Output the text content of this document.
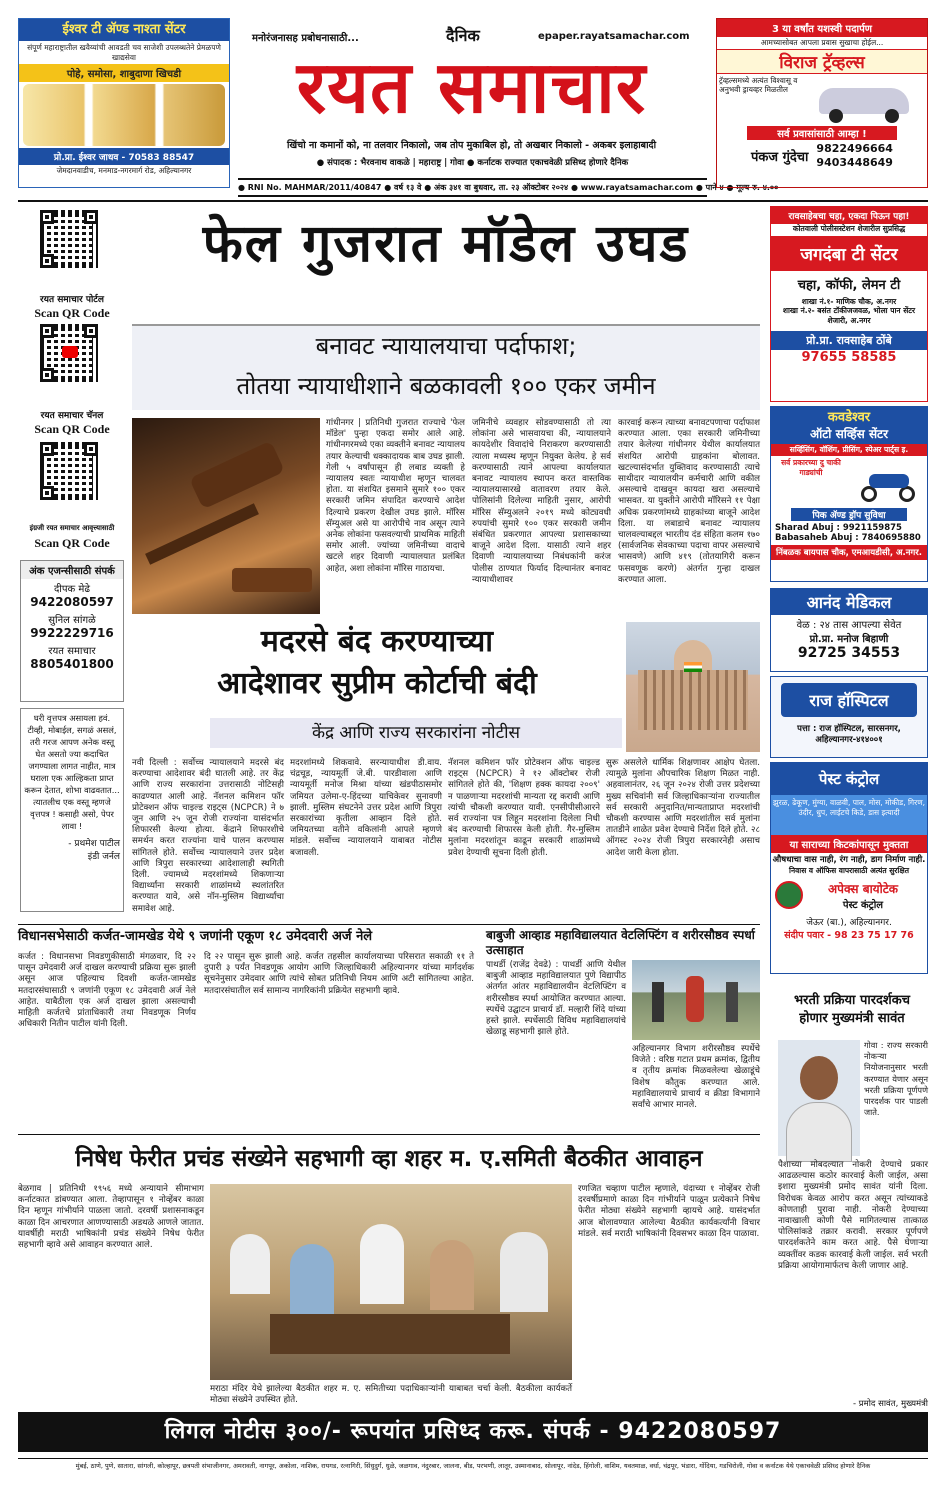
ईश्वर टी ॲण्ड नाश्ता सेंटर
संपूर्ण महाराष्ट्रातील खवैय्यांची आवडती चव साजेशी उपलब्धतेने प्रेमळपणे खाद्यसेवा
पोहे, समोसा, शाबुदाणा खिचडी
प्रो.प्रा. ईश्वर जाधव - 70583 88547
जेमदानवाडीच, मनमाड-नगरमार्ग रोड, अहिल्यानगर
मनोरंजनासह प्रबोधनासाठी...	दैनिक	epaper.rayatsamachar.com
रयत समाचार
खिंचो ना कमानों को, ना तलवार निकालो, जब तोप मुकाबिल हो, तो अखबार निकालो - अकबर इलाहाबादी
● संपादक : भैरवनाथ वाकळे | महाराष्ट्र | गोवा ● कर्नाटक राज्यात एकाचवेळी प्रसिध्द होणारे दैनिक
● RNI No. MAHMAR/2011/40847 ● वर्ष १३ वे ● अंक ३४१ वा बुधवार, ता. २३ ऑक्टोबर २०२४ ● www.rayatsamachar.com ● पाने ४ ● मूल्य रु. ४.००
3 या वर्षांत यशस्वी पदार्पण
आमच्यासोबत आपला प्रवास सुखाचा होईल...
विराज ट्रॅव्हल्स
ट्रॅव्हल्समध्ये अत्यंत विश्वासू व अनुभवी ड्रायव्हर मिळतील
सर्व प्रवासांसाठी आम्हा !
पंकज गुंदेचा
9822496664
9403448649
रयत समाचार पोर्टल
Scan QR Code
रयत समाचार चॅनल
Scan QR Code
इंग्रजी रयत समाचार आवृत्त्यासाठी
Scan QR Code
अंक एजन्सीसाठी संपर्क
दीपक मेढे
9422080597
सुनिल सांगळे
9922229716
रयत समाचार
8805401800
घरी वृत्तपत्र असायला हवं. टीव्ही, मोबाईल, सगळं असलं, तरी गरज आपण अनेक वस्तू घेत असतो ज्या कदाचित जगण्याला लागत नाहीत, मात्र घराला एक आल्हिकता प्राप्त करून देतात, शोभा वाढवतात... त्यातलीच एक वस्तू म्हणजे वृत्तपत्र ! कसाही असो, पेपर लावा !
- प्रथमेश पाटील
इंडी जर्नल
फेल गुजरात मॉडेल उघड
बनावट न्यायालयाचा पर्दाफाश;
तोतया न्यायाधीशाने बळकावली १०० एकर जमीन
गांधीनगर | प्रतिनिधी गुजरात राज्याचे 'फेल मॉडेल' पुन्हा एकदा समोर आले आहे. गांधीनगरमध्ये एका व्यक्तीने बनावट न्यायालय तयार केल्याची धक्कादायक बाब उघड झाली. गेली ५ वर्षांपासून ही लबाड व्यक्ती हे न्यायालय स्वतः न्यायाधीश म्हणून चालवत होता. या संशयित इसमाने सुमारे १०० एकर सरकारी जमिन संपादित करण्याचे आदेश दिल्याचे प्रकरण देखील उघड झाले. मॉरिस सॅम्युअल असे या आरोपीचे नाव असून त्याने अनेक लोकांना फसवल्याची प्राथमिक माहिती समोर आली. ज्यांच्या जमिनीच्या वादाचे खटले शहर दिवाणी न्यायालयात प्रलंबित आहेत, अशा लोकांना मॉरिस गाठायचा.
जमिनीचे व्यवहार सोडवण्यासाठी तो त्या लोकांना असे भासवायचा की, न्यायालयाने कायदेशीर विवादांचे निराकरण करण्यासाठी त्याला मध्यस्थ म्हणून नियुक्त केलेय. हे सर्व करण्यासाठी त्याने आपल्या कार्यालयात बनावट न्यायालय स्थापन करत वास्तविक न्यायालयासारखे वातावरण तयार केले. पोलिसांनी दिलेल्या माहिती नुसार, आरोपी मॉरिस सॅम्युअलने २०१९ मध्ये कोट्यवधी रुपयांची सुमारे १०० एकर सरकारी जमीन संबंधित प्रकरणात आपल्या प्रशासकाच्या बाजूने आदेश दिला. यासाठी त्याने शहर दिवाणी न्यायालयाच्या निबंधकांनी करंज पोलीस ठाण्यात फिर्याद दिल्यानंतर बनावट न्यायाधीशावर
कारवाई करून त्याच्या बनावटपणाचा पर्दाफाश करण्यात आला. एका सरकारी जमिनीच्या तयार केलेल्या गांधीनगर येथील कार्यालयात संशयित आरोपी ग्राहकांना बोलावत. खटल्यासंदर्भात युक्तिवाद करण्यासाठी त्याचे साथीदार न्यायालयीन कर्मचारी आणि वकील असल्याचे दाखवून कायदा खरा असल्याचे भासवत. या युक्तीने आरोपी मॉरिसने ११ पेक्षा अधिक प्रकरणांमध्ये ग्राहकांच्या बाजूने आदेश दिला. या लबाडाचे बनावट न्यायालय चालवल्याबद्दल भारतीय दंड संहिता कलम १७० (सार्वजनिक सेवकाच्या पदाचा वापर असल्याचे भासवणे) आणि ४१९ (तोतयागिरी करून फसवणूक करणे) अंतर्गत गुन्हा दाखल करण्यात आला.
मदरसे बंद करण्याच्या
आदेशावर सुप्रीम कोर्टाची बंदी
केंद्र आणि राज्य सरकारांना नोटीस
नवी दिल्ली : सर्वोच्च न्यायालयाने मदरसे बंद करण्याचा आदेशावर बंदी घातली आहे. तर केंद्र आणि राज्य सरकारांना उत्तरासाठी नोटिसही काढण्यात आली आहे. नॅशनल कमिशन फॉर प्रोटेक्शन ऑफ चाइल्ड राइट्स (NCPCR) ने ७ जून आणि २५ जून रोजी राज्यांना यासंदर्भात शिफारसी केल्या होत्या. केंद्राने शिफारशीचे समर्थन करत राज्यांना याचे पालन करण्यास सांगितले होते. सर्वोच्च न्यायालयाने उत्तर प्रदेश आणि त्रिपुरा सरकारच्या आदेशालाही स्थगिती दिली. ज्यामध्ये मदरशांमध्ये शिकणाऱ्या विद्यार्थ्यांना सरकारी शाळांमध्ये स्थलांतरित करण्यात यावे, असे नॉन-मुस्लिम विद्यार्थ्यांचा समावेश आहे.
मदरशांमध्ये शिकवावे. सरन्यायाधीश डी.वाय. चंद्रचूड, न्यायमूर्ती जे.बी. पारडीवाला आणि न्यायमूर्ती मनोज मिश्रा यांच्या खंडपीठासमोर जमियत उलेमा-ए-हिंदच्या याचिकेवर सुनावणी झाली. मुस्लिम संघटनेने उत्तर प्रदेश आणि त्रिपुरा सरकारांच्या कृतीला आव्हान दिले होते. जमियतच्या वतीने वकिलांनी आपले म्हणणे मांडले. सर्वोच्च न्यायालयाने याबाबत नोटीस बजावली.
नॅशनल कमिशन फॉर प्रोटेक्शन ऑफ चाइल्ड राइट्स (NCPCR) ने १२ ऑक्टोबर रोजी सांगितले होते की, 'शिक्षण हक्क कायदा २००९' न पाळणाऱ्या मदरशांची मान्यता रद्द करावी आणि त्यांची चौकशी करण्यात यावी. एनसीपीसीआरने सर्व राज्यांना पत्र लिहून मदरशांना दिलेला निधी बंद करण्याची शिफारस केली होती. गैर-मुस्लिम मुलांना मदरशांतून काढून सरकारी शाळांमध्ये प्रवेश देण्याची सूचना दिली होती.
सुरू असलेले धार्मिक शिक्षणावर आक्षेप घेतला. त्यामुळे मुलांना औपचारिक शिक्षण मिळत नाही. अहवालानंतर, २६ जून २०२४ रोजी उत्तर प्रदेशच्या मुख्य सचिवांनी सर्व जिल्हाधिकाऱ्यांना राज्यातील सर्व सरकारी अनुदानित/मान्यताप्राप्त मदरशांची चौकशी करण्यास आणि मदरशांतील सर्व मुलांना तातडीने शाळेत प्रवेश देण्याचे निर्देश दिले होते. २८ ऑगस्ट २०२४ रोजी त्रिपुरा सरकारनेही असाच आदेश जारी केला होता.
रावसाहेबचा चहा, एकदा पिऊन पहा!
कोतवाली पोलीसस्टेशन शेजारील सुप्रसिद्ध
जगदंबा टी सेंटर
चहा, कॉफी, लेमन टी
शाखा नं.१- माणिक चौक, अ.नगर
शाखा नं.२- बसंत टॉकीजजवळ, भोला पान सेंटर शेजारी, अ.नगर
प्रो.प्रा. रावसाहेब ठोंबे
97655 58585
कवडेश्वर
ऑटो सर्व्हिस सेंटर
सर्व्हिसिंग, वॉशिंग, प्रीसिंग, स्पेअर पार्ट्स इ.
सर्व प्रकारच्या दु चाकी गाड्यांची
पिक ॲण्ड ड्रॉप सुविधा
Sharad Abuj : 9921159875
Babasaheb Abuj : 7840695880
निंबळक बायपास चौक, एमआयडीसी, अ.नगर.
आनंद मेडिकल
वेळ : २४ तास आपल्या सेवेत
प्रो.प्रा. मनोज बिहाणी
92725 34553
राज हॉस्पिटल
पत्ता : राज हॉस्पिटल, सारसनगर, अहिल्यानगर-४१४००१
पेस्ट कंट्रोल
झुरळ, ढेकूण, मुंग्या, वाळवी, पाल, मोस, मोकीड, गिरण, उंदीर, धुप, लाईटचे किडे, डास इत्यादी
या साराच्या किटकांपासून मुक्तता
औषधाचा वास नाही, रंग नाही, डाग निर्माण नाही.
निवास व ऑफिस वापरासाठी अत्यंत सुरक्षित
अपेक्स बायोटेक
पेस्ट कंट्रोल
जेऊर (बा.), अहिल्यानगर.
संदीप पवार - 98 23 75 17 76
विधानसभेसाठी कर्जत-जामखेड येथे ९ जणांनी एकूण १८ उमेदवारी अर्ज नेले
कर्जत : विधानसभा निवडणुकीसाठी मंगळवार, दि २२ पासून उमेदवारी अर्ज दाखल करण्याची प्रक्रिया सुरू झाली असून आज पहिल्याच दिवशी कर्जत-जामखेड मतदारसंघासाठी ९ जणांनी एकूण १८ उमेदवारी अर्ज नेले आहेत. याबैठीला एक अर्ज दाखल झाला असल्याची माहिती कर्जतचे प्रांताधिकारी तथा निवडणूक निर्णय अधिकारी नितीन पाटील यांनी दिली.
दि २२ पासून सुरू झाली आहे. कर्जत तहसील कार्यालयाच्या परिसरात सकाळी ११ ते दुपारी ३ पर्यंत निवडणूक आयोग आणि जिल्हाधिकारी अहिल्यानगर यांच्या मार्गदर्शक सूचनेनुसार उमेदवार आणि त्यांचे सोबत प्रतिनिधी नियम आणि अटी सांगितल्या आहेत. मतदारसंघातील सर्व सामान्य नागरिकांनी प्रक्रियेत सहभागी व्हावे.
बाबुजी आव्हाड महाविद्यालयात वेटलिफ्टिंग व शरीरसौष्ठव स्पर्धा उत्साहात
पाथर्डी (राजेंद्र देवढे) : पाथर्डी आणि येथील बाबुजी आव्हाड महाविद्यालयात पुणे विद्यापीठ अंतर्गत आंतर महाविद्यालयीन वेटलिफ्टिंग व शरीरसौष्ठव स्पर्धा आयोजित करण्यात आल्या. स्पर्धेचे उद्घाटन प्राचार्य डॉ. मल्हारी शिंदे यांच्या हस्ते झाले. स्पर्धेसाठी विविध महाविद्यालयांचे खेळाडू सहभागी झाले होते.
अहिल्यानगर विभाग शरीरसौष्ठव स्पर्धेचे विजेते : वरिष्ठ गटात प्रथम क्रमांक, द्वितीय व तृतीय क्रमांक मिळवलेल्या खेळाडूंचे विशेष कौतुक करण्यात आले. महाविद्यालयाचे प्राचार्य व क्रीडा विभागाने सर्वांचे आभार मानले.
भरती प्रक्रिया पारदर्शकच
होणार मुख्यमंत्री सावंत
गोवा : राज्य सरकारी नोकऱ्या नियोजनानुसार भरती करण्यात येणार असून भरती प्रक्रिया पूर्णपणे पारदर्शक पार पाडली जाते.
पैशाच्या मोबदल्यात नोकरी देण्याचे प्रकार आढळल्यास कठोर कारवाई केली जाईल, असा इशारा मुख्यमंत्री प्रमोद सावंत यांनी दिला. विरोधक केवळ आरोप करत असून त्यांच्याकडे कोणताही पुरावा नाही. नोकरी देण्याच्या नावाखाली कोणी पैसे मागितल्यास तात्काळ पोलिसांकडे तक्रार करावी. सरकार पूर्णपणे पारदर्शकतेने काम करत आहे. पैसे घेणाऱ्या व्यक्तींवर कडक कारवाई केली जाईल. सर्व भरती प्रक्रिया आयोगामार्फतच केली जाणार आहे.
- प्रमोद सावंत, मुख्यमंत्री
निषेध फेरीत प्रचंड संख्येने सहभागी व्हा शहर म. ए.समिती बैठकीत आवाहन
बेळगाव | प्रतिनिधी १९५६ मध्ये अन्यायाने सीमाभाग कर्नाटकात डांबण्यात आला. तेव्हापासून १ नोव्हेंबर काळा दिन म्हणून गांभीर्याने पाळला जातो. दरवर्षी प्रशासनाकडून काळा दिन आचरणात आणण्यासाठी अडथळे आणले जातात. यावर्षीही मराठी भाषिकांनी प्रचंड संख्येने निषेध फेरीत सहभागी व्हावे असे आवाहन करण्यात आले.
मराठा मंदिर येथे झालेल्या बैठकीत शहर म. ए. समितीच्या पदाधिकाऱ्यांनी याबाबत चर्चा केली. बैठकीला कार्यकर्ते मोठ्या संख्येने उपस्थित होते.
रणजित चव्हाण पाटील म्हणाले, यंदाच्या १ नोव्हेंबर रोजी दरवर्षीप्रमाणे काळा दिन गांभीर्याने पाळून प्रत्येकाने निषेध फेरीत मोठ्या संख्येने सहभागी व्हायचे आहे. यासंदर्भात आज बोलावण्यात आलेल्या बैठकीत कार्यकर्त्यांनी विचार मांडले. सर्व मराठी भाषिकांनी दिवसभर काळा दिन पाळावा.
लिगल नोटीस ३००/- रूपयांत प्रसिध्द करू. संपर्क - 9422080597
मुंबई, ठाणे, पुणे, सातारा, सांगली, कोल्हापूर, छत्रपती संभाजीनगर, अमरावती, नागपूर, अकोला, नाशिक, रायगड, रत्नागिरी, सिंधुदुर्ग, धुळे, जळगाव, नंदुरबार, जालना, बीड, परभणी, लातूर, उस्मानाबाद, सोलापूर, नांदेड, हिंगोली, वाशिम, यवतमाळ, वर्धा, चंद्रपूर, भंडारा, गोंदिया, गडचिरोली, गोवा व कर्नाटक येथे एकाचवेळी प्रसिध्द होणारे दैनिक
